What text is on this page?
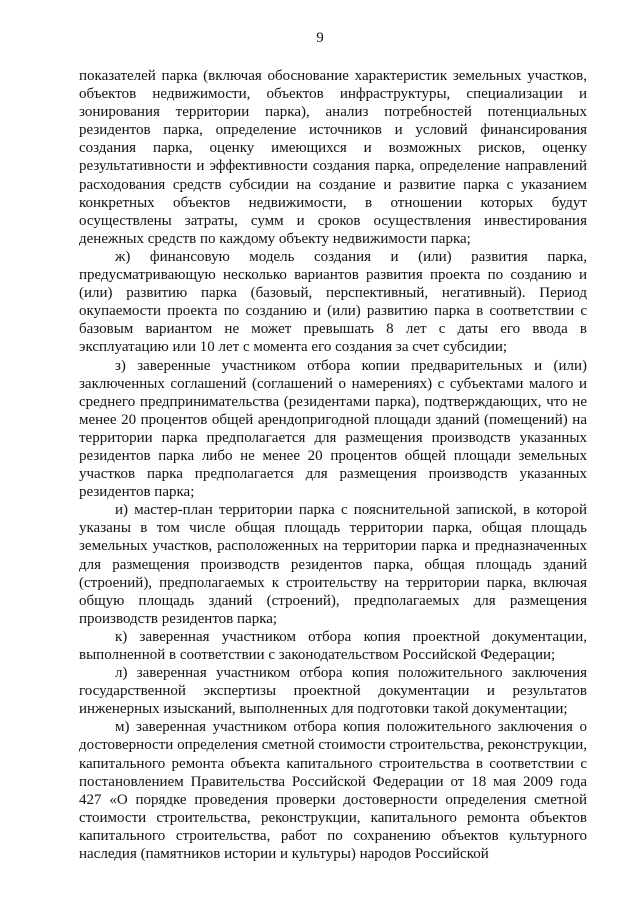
9

показателей парка (включая обоснование характеристик земельных участков, объектов недвижимости, объектов инфраструктуры, специализации и зонирования территории парка), анализ потребностей потенциальных резидентов парка, определение источников и условий финансирования создания парка, оценку имеющихся и возможных рисков, оценку результативности и эффективности создания парка, определение направлений расходования средств субсидии на создание и развитие парка с указанием конкретных объектов недвижимости, в отношении которых будут осуществлены затраты, сумм и сроков осуществления инвестирования денежных средств по каждому объекту недвижимости парка;

ж) финансовую модель создания и (или) развития парка, предусматривающую несколько вариантов развития проекта по созданию и (или) развитию парка (базовый, перспективный, негативный). Период окупаемости проекта по созданию и (или) развитию парка в соответствии с базовым вариантом не может превышать 8 лет с даты его ввода в эксплуатацию или 10 лет с момента его создания за счет субсидии;

з) заверенные участником отбора копии предварительных и (или) заключенных соглашений (соглашений о намерениях) с субъектами малого и среднего предпринимательства (резидентами парка), подтверждающих, что не менее 20 процентов общей арендопригодной площади зданий (помещений) на территории парка предполагается для размещения производств указанных резидентов парка либо не менее 20 процентов общей площади земельных участков парка предполагается для размещения производств указанных резидентов парка;

и) мастер-план территории парка с пояснительной запиской, в которой указаны в том числе общая площадь территории парка, общая площадь земельных участков, расположенных на территории парка и предназначенных для размещения производств резидентов парка, общая площадь зданий (строений), предполагаемых к строительству на территории парка, включая общую площадь зданий (строений), предполагаемых для размещения производств резидентов парка;

к) заверенная участником отбора копия проектной документации, выполненной в соответствии с законодательством Российской Федерации;

л) заверенная участником отбора копия положительного заключения государственной экспертизы проектной документации и результатов инженерных изысканий, выполненных для подготовки такой документации;

м) заверенная участником отбора копия положительного заключения о достоверности определения сметной стоимости строительства, реконструкции, капитального ремонта объекта капитального строительства в соответствии с постановлением Правительства Российской Федерации от 18 мая 2009 года 427 «О порядке проведения проверки достоверности определения сметной стоимости строительства, реконструкции, капитального ремонта объектов капитального строительства, работ по сохранению объектов культурного наследия (памятников истории и культуры) народов Российской
